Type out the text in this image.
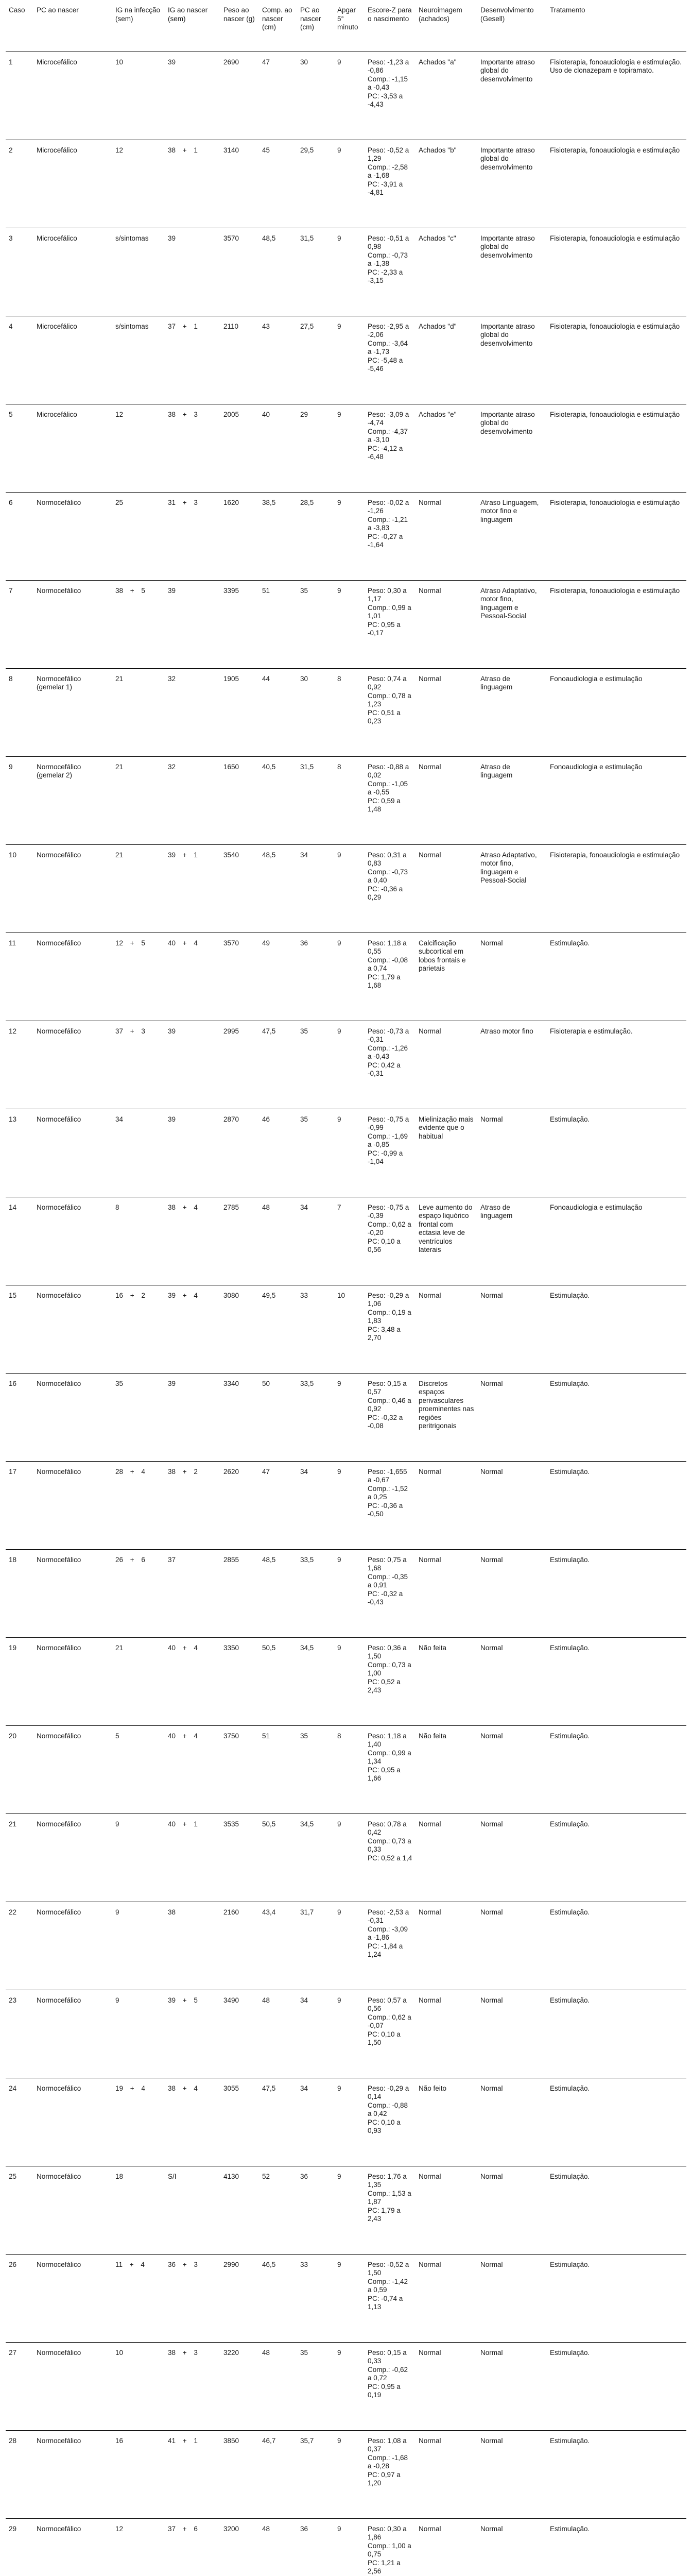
Caso	PC ao nascer	IG na infecção (sem)	IG ao nascer (sem)	Peso ao nascer (g)	Comp. ao nascer (cm)	PC ao nascer (cm)	Apgar 5° minuto	Escore-Z para o nascimento	Neuroimagem (achados)	Desenvolvimento (Gesell)	Tratamento
1	Microcefálico	10	39	2690	47	30	9	Peso: -1,23 a -0,86
Comp.: -1,15 a -0,43
PC: -3,53 a -4,43	Achados "a"	Importante atraso global do desenvolvimento	Fisioterapia, fonoaudiologia e estimulação. Uso de clonazepam e topiramato.
2	Microcefálico	12	38 + 1	3140	45	29,5	9	Peso: -0,52 a 1,29
Comp.: -2,58 a -1,68
PC: -3,91 a -4,81	Achados "b"	Importante atraso global do desenvolvimento	Fisioterapia, fonoaudiologia e estimulação
3	Microcefálico	s/sintomas	39	3570	48,5	31,5	9	Peso: -0,51 a 0,98
Comp.: -0,73 a -1,38
PC: -2,33 a -3,15	Achados "c"	Importante atraso global do desenvolvimento	Fisioterapia, fonoaudiologia e estimulação
4	Microcefálico	s/sintomas	37 + 1	2110	43	27,5	9	Peso: -2,95 a -2,06
Comp.: -3,64 a -1,73
PC: -5,48 a -5,46	Achados "d"	Importante atraso global do desenvolvimento	Fisioterapia, fonoaudiologia e estimulação
5	Microcefálico	12	38 + 3	2005	40	29	9	Peso: -3,09 a -4,74
Comp.: -4,37 a -3,10
PC: -4,12 a -6,48	Achados "e"	Importante atraso global do desenvolvimento	Fisioterapia, fonoaudiologia e estimulação
6	Normocefálico	25	31 + 3	1620	38,5	28,5	9	Peso: -0,02 a -1,26
Comp.: -1,21 a -3,83
PC: -0,27 a -1,64	Normal	Atraso Linguagem, motor fino e linguagem	Fisioterapia, fonoaudiologia e estimulação
7	Normocefálico	38 + 5	39	3395	51	35	9	Peso: 0,30 a 1,17
Comp.: 0,99 a 1,01
PC: 0,95 a -0,17	Normal	Atraso Adaptativo, motor fino, linguagem e Pessoal-Social	Fisioterapia, fonoaudiologia e estimulação
8	Normocefálico (gemelar 1)	21	32	1905	44	30	8	Peso: 0,74 a 0,92
Comp.: 0,78 a 1,23
PC: 0,51 a 0,23	Normal	Atraso de linguagem	Fonoaudiologia e estimulação
9	Normocefálico (gemelar 2)	21	32	1650	40,5	31,5	8	Peso: -0,88 a 0,02
Comp.: -1,05 a -0,55
PC: 0,59 a 1,48	Normal	Atraso de linguagem	Fonoaudiologia e estimulação
10	Normocefálico	21	39 + 1	3540	48,5	34	9	Peso: 0,31 a 0,83
Comp.: -0,73 a 0,40
PC: -0,36 a 0,29	Normal	Atraso Adaptativo, motor fino, linguagem e Pessoal-Social	Fisioterapia, fonoaudiologia e estimulação
11	Normocefálico	12 + 5	40 + 4	3570	49	36	9	Peso: 1,18 a 0,55
Comp.: -0,08 a 0,74
PC: 1,79 a 1,68	Calcificação subcortical em lobos frontais e parietais	Normal	Estimulação.
12	Normocefálico	37 + 3	39	2995	47,5	35	9	Peso: -0,73 a -0,31
Comp.: -1,26 a -0,43
PC: 0,42 a -0,31	Normal	Atraso motor fino	Fisioterapia e estimulação.
13	Normocefálico	34	39	2870	46	35	9	Peso: -0,75 a -0,99
Comp.: -1,69 a -0,85
PC: -0,99 a -1,04	Mielinização mais evidente que o habitual	Normal	Estimulação.
14	Normocefálico	8	38 + 4	2785	48	34	7	Peso: -0,75 a -0,39
Comp.: 0,62 a -0,20
PC: 0,10 a 0,56	Leve aumento do espaço liquórico frontal com ectasia leve de ventrículos laterais	Atraso de linguagem	Fonoaudiologia e estimulação
15	Normocefálico	16 + 2	39 + 4	3080	49,5	33	10	Peso: -0,29 a 1,06
Comp.: 0,19 a 1,83
PC: 3,48 a 2,70	Normal	Normal	Estimulação.
16	Normocefálico	35	39	3340	50	33,5	9	Peso: 0,15 a 0,57
Comp.: 0,46 a 0,92
PC: -0,32 a -0,08	Discretos espaços perivasculares proeminentes nas regiões peritrigonais	Normal	Estimulação.
17	Normocefálico	28 + 4	38 + 2	2620	47	34	9	Peso: -1,655 a -0,67
Comp.: -1,52 a 0,25
PC: -0,36 a -0,50	Normal	Normal	Estimulação.
18	Normocefálico	26 + 6	37	2855	48,5	33,5	9	Peso: 0,75 a 1,68
Comp.: -0,35 a 0,91
PC: -0,32 a -0,43	Normal	Normal	Estimulação.
19	Normocefálico	21	40 + 4	3350	50,5	34,5	9	Peso: 0,36 a 1,50
Comp.: 0,73 a 1,00
PC: 0,52 a 2,43	Não feita	Normal	Estimulação.
20	Normocefálico	5	40 + 4	3750	51	35	8	Peso: 1,18 a 1,40
Comp.: 0,99 a 1,34
PC: 0,95 a 1,66	Não feita	Normal	Estimulação.
21	Normocefálico	9	40 + 1	3535	50,5	34,5	9	Peso: 0,78 a 0,42
Comp.: 0,73 a 0,33
PC: 0,52 a 1,4	Normal	Normal	Estimulação.
22	Normocefálico	9	38	2160	43,4	31,7	9	Peso: -2,53 a -0,31
Comp.: -3,09 a -1,86
PC: -1,84 a 1,24	Normal	Normal	Estimulação.
23	Normocefálico	9	39 + 5	3490	48	34	9	Peso: 0,57 a 0,56
Comp.: 0,62 a -0,07
PC: 0,10 a 1,50	Normal	Normal	Estimulação.
24	Normocefálico	19 + 4	38 + 4	3055	47,5	34	9	Peso: -0,29 a 0,14
Comp.: -0,88 a 0,42
PC: 0,10 a 0,93	Não feito	Normal	Estimulação.
25	Normocefálico	18	S/I	4130	52	36	9	Peso: 1,76 a 1,35
Comp.: 1,53 a 1,87
PC: 1,79 a 2,43	Normal	Normal	Estimulação.
26	Normocefálico	11 + 4	36 + 3	2990	46,5	33	9	Peso: -0,52 a 1,50
Comp.: -1,42 a 0,59
PC: -0,74 a 1,13	Normal	Normal	Estimulação.
27	Normocefálico	10	38 + 3	3220	48	35	9	Peso: 0,15 a 0,33
Comp.: -0,62 a 0,72
PC: 0,95 a 0,19	Normal	Normal	Estimulação.
28	Normocefálico	16	41 + 1	3850	46,7	35,7	9	Peso: 1,08 a 0,37
Comp.: -1,68 a -0,28
PC: 0,97 a 1,20	Normal	Normal	Estimulação.
29	Normocefálico	12	37 + 6	3200	48	36	9	Peso: 0,30 a 1,86
Comp.: 1,00 a 0,75
PC: 1,21 a 2,56	Normal	Normal	Estimulação.
